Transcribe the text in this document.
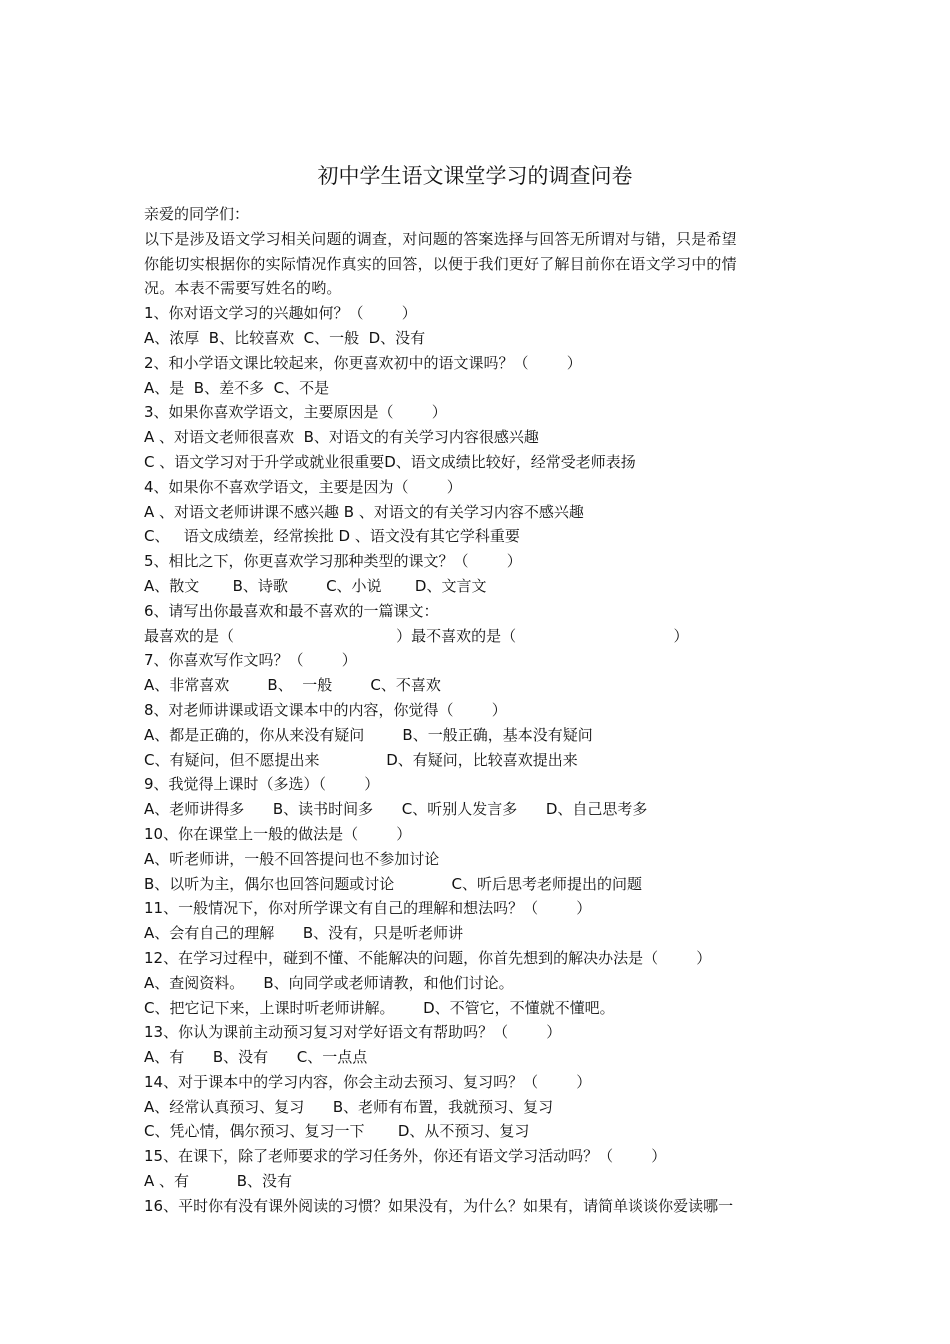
初中学生语文课堂学习的调查问卷
亲爱的同学们：
以下是涉及语文学习相关问题的调查，对问题的答案选择与回答无所谓对与错，只是希望
你能切实根据你的实际情况作真实的回答，以便于我们更好了解目前你在语文学习中的情
况。本表不需要写姓名的哟。
1、你对语文学习的兴趣如何？（        ）
A、浓厚  B、比较喜欢  C、一般  D、没有
2、和小学语文课比较起来，你更喜欢初中的语文课吗？（        ）
A、是  B、差不多  C、不是
3、如果你喜欢学语文，主要原因是（        ）
A 、对语文老师很喜欢  B、对语文的有关学习内容很感兴趣
C 、语文学习对于升学或就业很重要D、语文成绩比较好，经常受老师表扬
4、如果你不喜欢学语文，主要是因为（        ）
A 、对语文老师讲课不感兴趣 B 、对语文的有关学习内容不感兴趣
C、   语文成绩差，经常挨批 D 、语文没有其它学科重要
5、相比之下，你更喜欢学习那种类型的课文？（        ）
A、散文       B、诗歌        C、小说       D、文言文
6、请写出你最喜欢和最不喜欢的一篇课文：
最喜欢的是（                                  ）最不喜欢的是（                                 ）
7、你喜欢写作文吗？（        ）
A、非常喜欢        B、  一般        C、不喜欢
8、对老师讲课或语文课本中的内容，你觉得（        ）
A、都是正确的，你从来没有疑问        B、一般正确，基本没有疑问
C、有疑问，但不愿提出来              D、有疑问，比较喜欢提出来
9、我觉得上课时（多选）（        ）
A、老师讲得多      B、读书时间多      C、听别人发言多      D、自己思考多
10、你在课堂上一般的做法是（        ）
A、听老师讲，一般不回答提问也不参加讨论
B、以听为主，偶尔也回答问题或讨论            C、听后思考老师提出的问题
11、一般情况下，你对所学课文有自己的理解和想法吗？（        ）
A、会有自己的理解      B、没有，只是听老师讲
12、在学习过程中，碰到不懂、不能解决的问题，你首先想到的解决办法是（        ）
A、查阅资料。    B、向同学或老师请教，和他们讨论。
C、把它记下来，上课时听老师讲解。      D、不管它，不懂就不懂吧。
13、你认为课前主动预习复习对学好语文有帮助吗？（        ）
A、有      B、没有      C、一点点
14、对于课本中的学习内容，你会主动去预习、复习吗？（        ）
A、经常认真预习、复习      B、老师有布置，我就预习、复习
C、凭心情，偶尔预习、复习一下       D、从不预习、复习
15、在课下，除了老师要求的学习任务外，你还有语文学习活动吗？（        ）
A 、有          B、没有
16、平时你有没有课外阅读的习惯？如果没有，为什么？如果有，请简单谈谈你爱读哪一
